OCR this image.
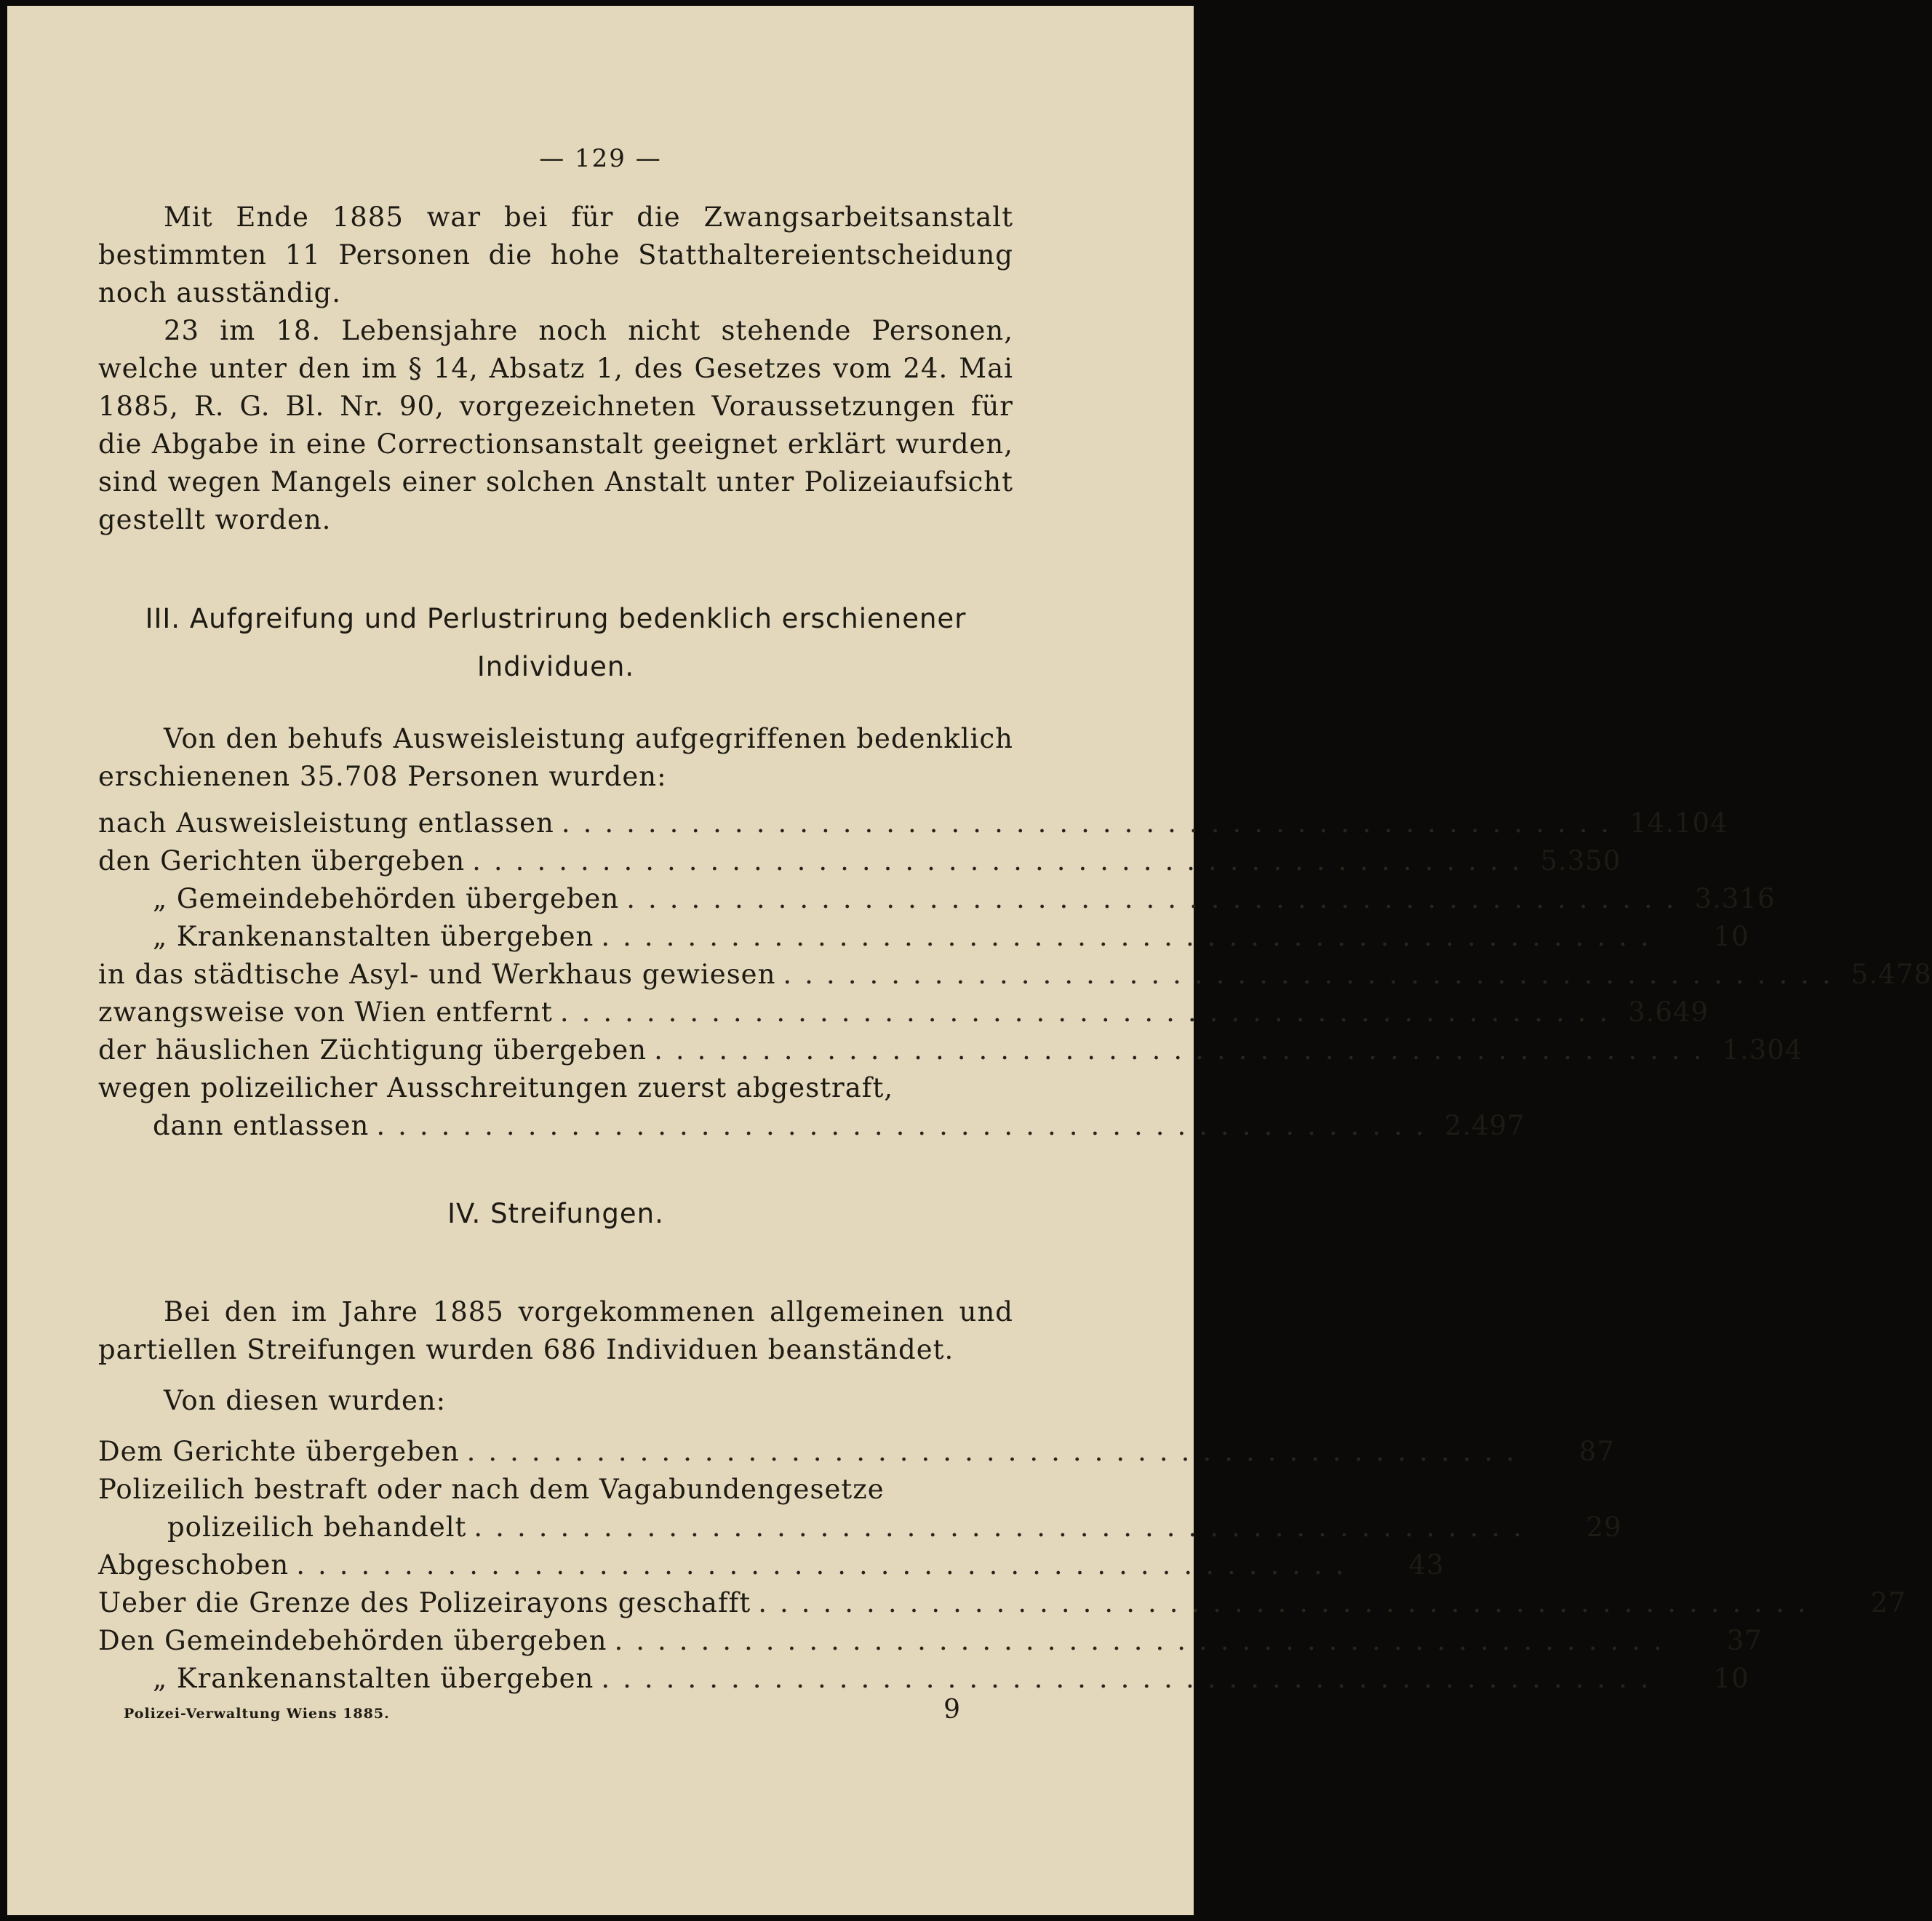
— 129 —

Mit Ende 1885 war bei für die Zwangsarbeitsanstalt bestimmten 11 Personen die hohe Statthaltereientscheidung noch ausständig.

23 im 18. Lebensjahre noch nicht stehende Personen, welche unter den im § 14, Absatz 1, des Gesetzes vom 24. Mai 1885, R. G. Bl. Nr. 90, vorgezeichneten Voraussetzungen für die Abgabe in eine Correctionsanstalt geeignet erklärt wurden, sind wegen Mangels einer solchen Anstalt unter Polizeiaufsicht gestellt worden.

III. Aufgreifung und Perlustrirung bedenklich erschienener
Individuen.

Von den behufs Ausweisleistung aufgegriffenen bedenklich erschienenen 35.708 Personen wurden:

nach Ausweisleistung entlassen ................................................. 14.104
den Gerichten übergeben ................................................. 5.350
„ Gemeindebehörden übergeben ................................................. 3.316
„ Krankenanstalten übergeben .................................................	10
in das städtische Asyl- und Werkhaus gewiesen ................................................. 5.478
zwangsweise von Wien entfernt ................................................. 3.649
der häuslichen Züchtigung übergeben ................................................. 1.304
wegen polizeilicher Ausschreitungen zuerst abgestraft,
dann entlassen ................................................. 2.497
IV. Streifungen.

Bei den im Jahre 1885 vorgekommenen allgemeinen und partiellen Streifungen wurden 686 Individuen beanständet.

Von diesen wurden:

Dem Gerichte übergeben .................................................	87
Polizeilich bestraft oder nach dem Vagabundengesetze
polizeilich behandelt .................................................	29
Abgeschoben .................................................	43
Ueber die Grenze des Polizeirayons geschafft .................................................	27
Den Gemeindebehörden übergeben .................................................	37
„ Krankenanstalten übergeben .................................................	10
Polizei-Verwaltung Wiens 1885.	9
